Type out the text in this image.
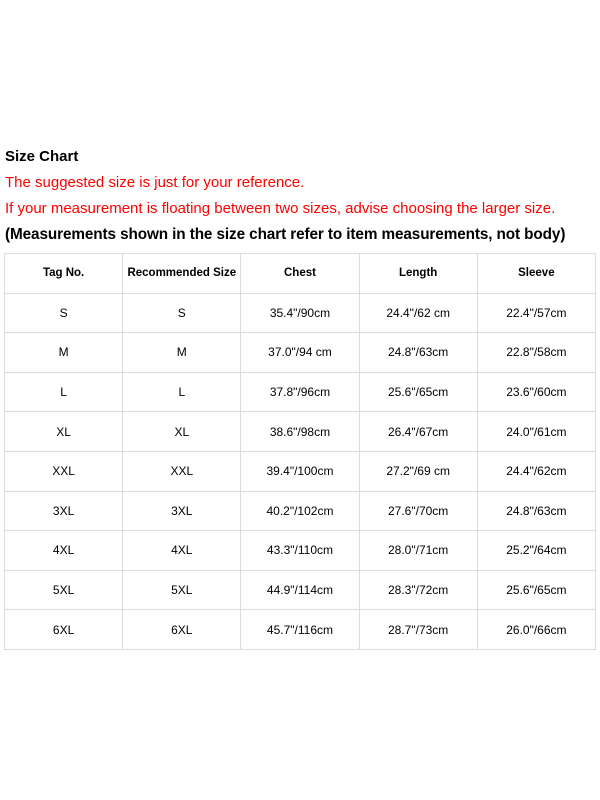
Size Chart
The suggested size is just for your reference.
If your measurement is floating between two sizes, advise choosing the larger size.
(Measurements shown in the size chart refer to item measurements, not body)
Tag No.	Recommended Size	Chest	Length	Sleeve
S	S	35.4"/90cm	24.4"/62 cm	22.4"/57cm
M	M	37.0"/94 cm	24.8"/63cm	22.8"/58cm
L	L	37.8"/96cm	25.6"/65cm	23.6"/60cm
XL	XL	38.6"/98cm	26.4"/67cm	24.0"/61cm
XXL	XXL	39.4"/100cm	27.2"/69 cm	24.4"/62cm
3XL	3XL	40.2"/102cm	27.6"/70cm	24.8"/63cm
4XL	4XL	43.3"/110cm	28.0"/71cm	25.2"/64cm
5XL	5XL	44.9"/114cm	28.3"/72cm	25.6"/65cm
6XL	6XL	45.7"/116cm	28.7"/73cm	26.0"/66cm
